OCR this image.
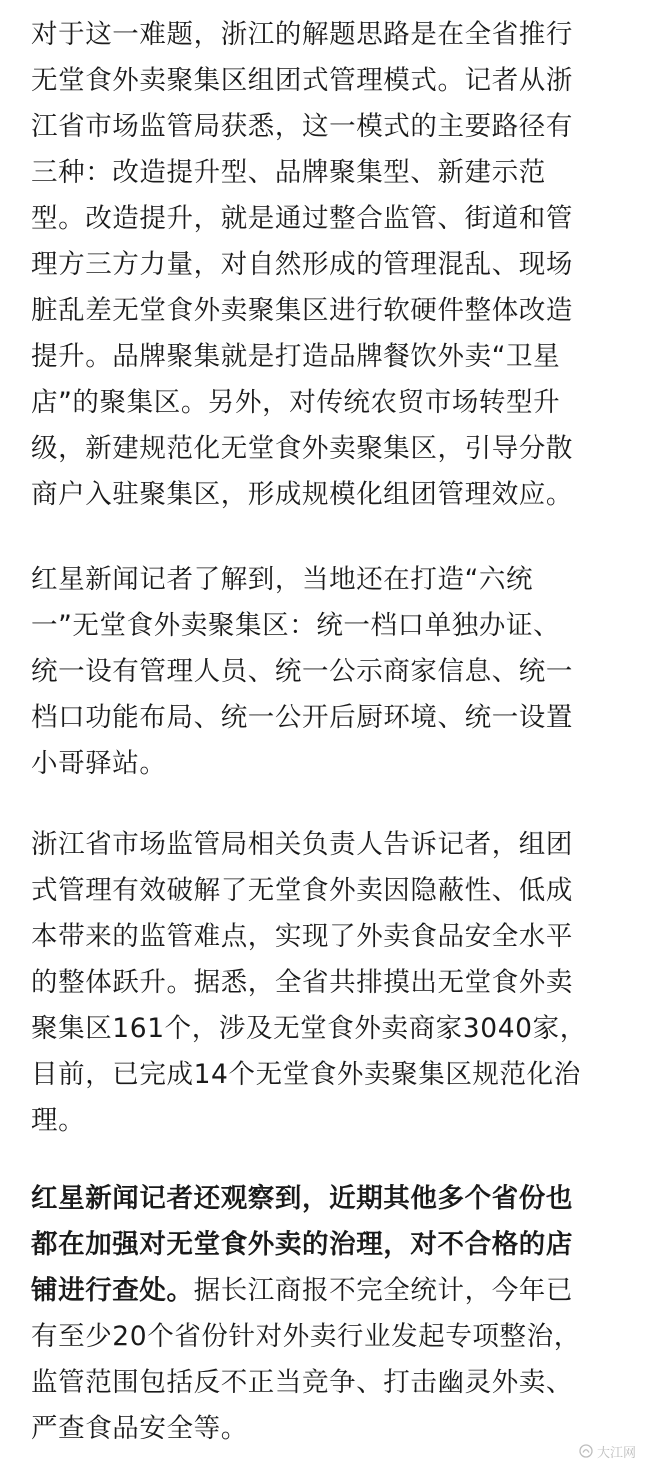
对于这一难题，浙江的解题思路是在全省推行
无堂食外卖聚集区组团式管理模式。记者从浙
江省市场监管局获悉，这一模式的主要路径有
三种：改造提升型、品牌聚集型、新建示范
型。改造提升，就是通过整合监管、街道和管
理方三方力量，对自然形成的管理混乱、现场
脏乱差无堂食外卖聚集区进行软硬件整体改造
提升。品牌聚集就是打造品牌餐饮外卖“卫星
店”的聚集区。另外，对传统农贸市场转型升
级，新建规范化无堂食外卖聚集区，引导分散
商户入驻聚集区，形成规模化组团管理效应。
红星新闻记者了解到，当地还在打造“六统
一”无堂食外卖聚集区：统一档口单独办证、
统一设有管理人员、统一公示商家信息、统一
档口功能布局、统一公开后厨环境、统一设置
小哥驿站。
浙江省市场监管局相关负责人告诉记者，组团
式管理有效破解了无堂食外卖因隐蔽性、低成
本带来的监管难点，实现了外卖食品安全水平
的整体跃升。据悉，全省共排摸出无堂食外卖
聚集区161个，涉及无堂食外卖商家3040家，
目前，已完成14个无堂食外卖聚集区规范化治
理。
红星新闻记者还观察到，近期其他多个省份也
都在加强对无堂食外卖的治理，对不合格的店
铺进行查处。据长江商报不完全统计，今年已
有至少20个省份针对外卖行业发起专项整治，
监管范围包括反不正当竞争、打击幽灵外卖、
严查食品安全等。
大江网
